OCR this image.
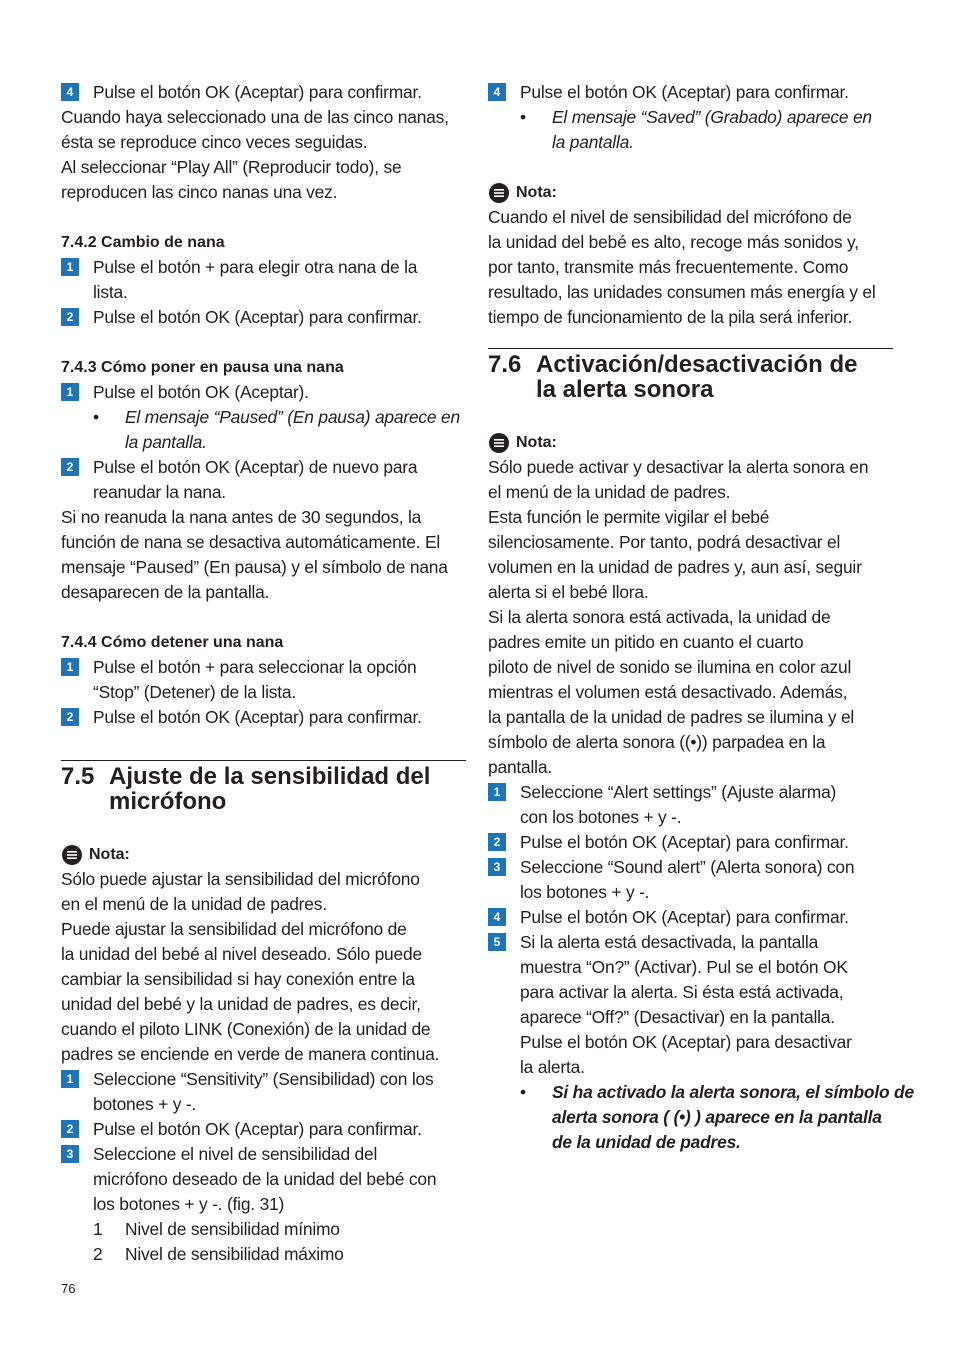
4	Pulse el botón OK (Aceptar) para confirmar.

Cuando haya seleccionado una de las cinco nanas,

ésta se reproduce cinco veces seguidas.

Al seleccionar “Play All” (Reproducir todo), se

reproducen las cinco nanas una vez.

7.4.2 Cambio de nana

1	Pulse el botón + para elegir otra nana de la

lista.

2	Pulse el botón OK (Aceptar) para confirmar.

7.4.3 Cómo poner en pausa una nana

1	Pulse el botón OK (Aceptar).

•	El mensaje “Paused” (En pausa) aparece en

la pantalla.

2	Pulse el botón OK (Aceptar) de nuevo para

reanudar la nana.

Si no reanuda la nana antes de 30 segundos, la

función de nana se desactiva automáticamente. El

mensaje “Paused” (En pausa) y el símbolo de nana

desaparecen de la pantalla.

7.4.4 Cómo detener una nana

1	Pulse el botón + para seleccionar la opción

“Stop” (Detener) de la lista.

2	Pulse el botón OK (Aceptar) para confirmar.

7.5 Ajuste de la sensibilidad del
micrófono
Nota:

Sólo puede ajustar la sensibilidad del micrófono

en el menú de la unidad de padres.

Puede ajustar la sensibilidad del micrófono de

la unidad del bebé al nivel deseado. Sólo puede

cambiar la sensibilidad si hay conexión entre la

unidad del bebé y la unidad de padres, es decir,

cuando el piloto LINK (Conexión) de la unidad de

padres se enciende en verde de manera continua.

1	Seleccione “Sensitivity” (Sensibilidad) con los

botones + y -.

2	Pulse el botón OK (Aceptar) para confirmar.

3	Seleccione el nivel de sensibilidad del

micrófono deseado de la unidad del bebé con

los botones + y -. (fig. 31)

1	Nivel de sensibilidad mínimo

2	Nivel de sensibilidad máximo

4	Pulse el botón OK (Aceptar) para confirmar.

•	El mensaje “Saved” (Grabado) aparece en

la pantalla.

Nota:

Cuando el nivel de sensibilidad del micrófono de

la unidad del bebé es alto, recoge más sonidos y,

por tanto, transmite más frecuentemente. Como

resultado, las unidades consumen más energía y el

tiempo de funcionamiento de la pila será inferior.

7.6 Activación/desactivación de
la alerta sonora
Nota:

Sólo puede activar y desactivar la alerta sonora en

el menú de la unidad de padres.

Esta función le permite vigilar el bebé

silenciosamente. Por tanto, podrá desactivar el

volumen en la unidad de padres y, aun así, seguir

alerta si el bebé llora.

Si la alerta sonora está activada, la unidad de

padres emite un pitido en cuanto el cuarto

piloto de nivel de sonido se ilumina en color azul

mientras el volumen está desactivado. Además,

la pantalla de la unidad de padres se ilumina y el

símbolo de alerta sonora ((•)) parpadea en la

pantalla.

1	Seleccione “Alert settings” (Ajuste alarma)

con los botones + y -.

2	Pulse el botón OK (Aceptar) para confirmar.

3	Seleccione “Sound alert” (Alerta sonora) con

los botones + y -.

4	Pulse el botón OK (Aceptar) para confirmar.

5	Si la alerta está desactivada, la pantalla

muestra “On?” (Activar). Pul se el botón OK

para activar la alerta. Si ésta está activada,

aparece “Off?” (Desactivar) en la pantalla.

Pulse el botón OK (Aceptar) para desactivar

la alerta.

•	Si ha activado la alerta sonora, el símbolo de

alerta sonora ( (•) ) aparece en la pantalla

de la unidad de padres.

76
